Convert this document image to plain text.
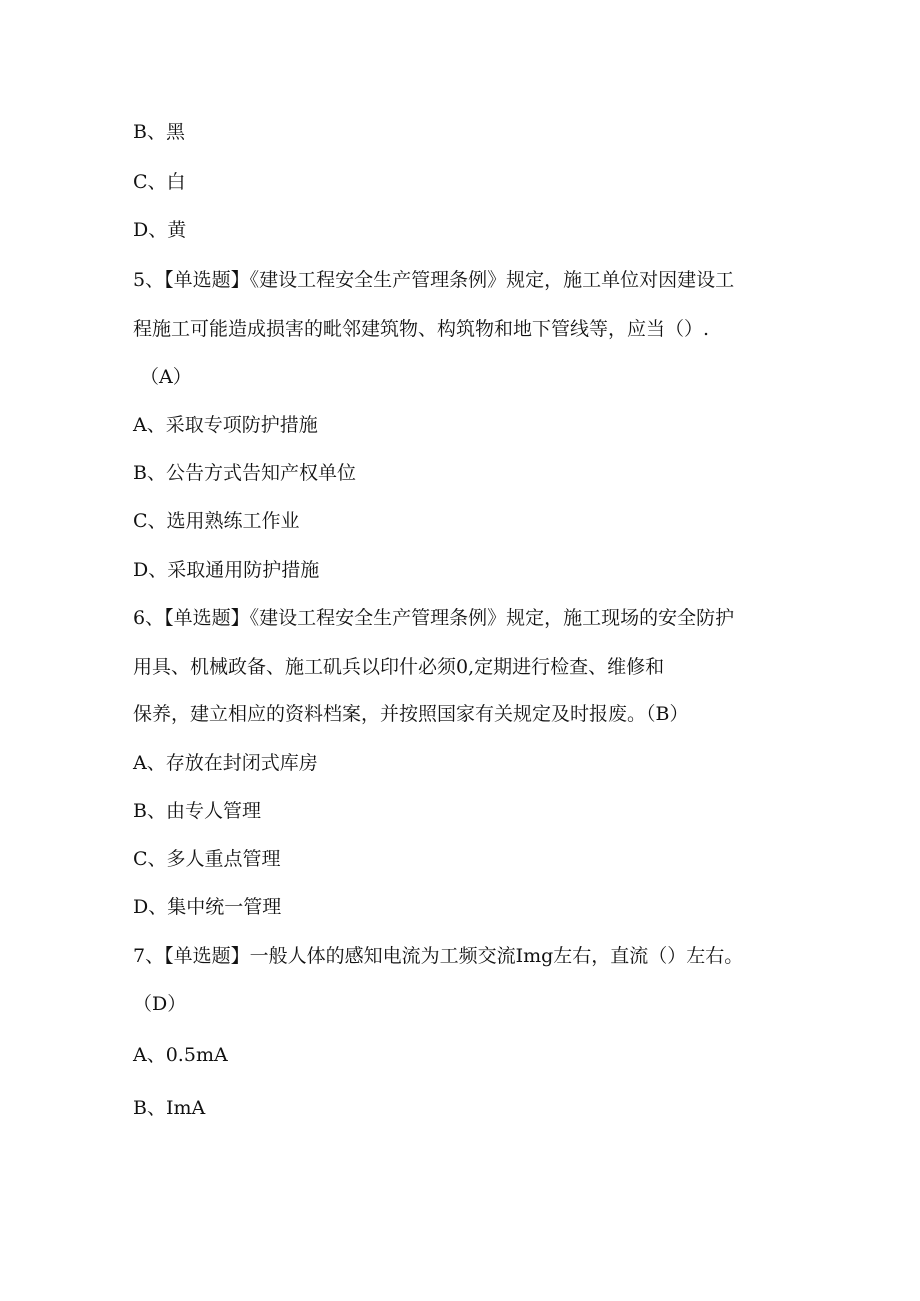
B、黑
C、白
D、黄
5、【单选题】《建设工程安全生产管理条例》规定，施工单位对因建设工
程施工可能造成损害的毗邻建筑物、构筑物和地下管线等，应当（）.
（A）
A、采取专项防护措施
B、公告方式告知产权单位
C、选用熟练工作业
D、采取通用防护措施
6、【单选题】《建设工程安全生产管理条例》规定，施工现场的安全防护
用具、机械政备、施工矶兵以印什必须0,定期进行检查、维修和
保养，建立相应的资料档案，并按照国家有关规定及时报废。（B）
A、存放在封闭式库房
B、由专人管理
C、多人重点管理
D、集中统一管理
7、【单选题】一般人体的感知电流为工频交流Img左右，直流（）左右。
（D）
A、0.5mA
B、ImA
